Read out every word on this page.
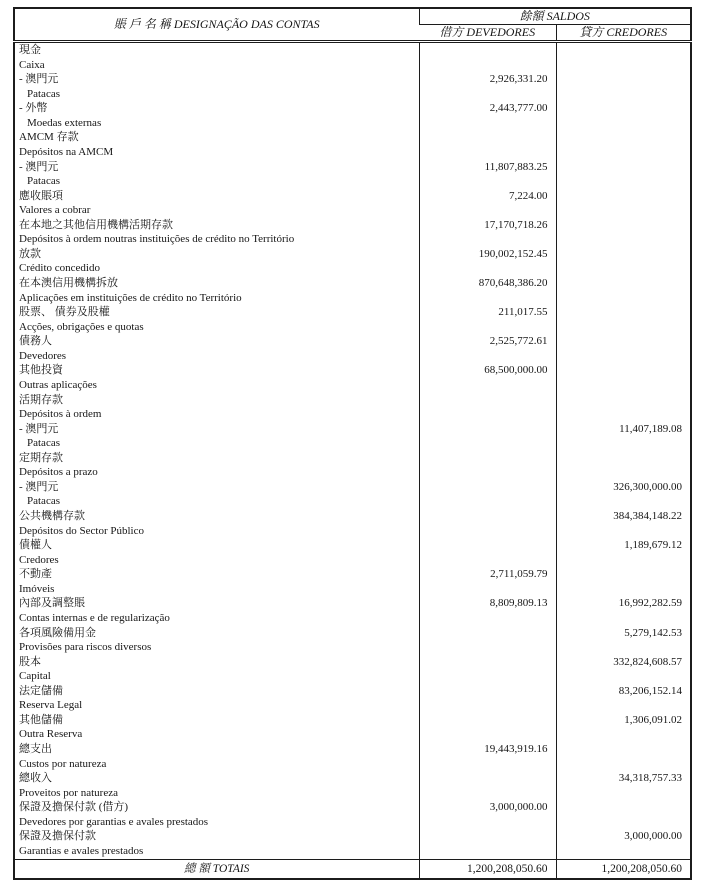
賬 戶 名 稱 DESIGNAÇÃO DAS CONTAS	餘額 SALDOS	
	借方 DEVEDORES	貸方 CREDORES
現金		
Caixa		
- 澳門元	2,926,331.20	
Patacas		
- 外幣	2,443,777.00	
Moedas externas		
AMCM 存款		
Depósitos na AMCM		
- 澳門元	11,807,883.25	
Patacas		
應收賬項	7,224.00	
Valores a cobrar		
在本地之其他信用機構活期存款	17,170,718.26	
Depósitos à ordem noutras instituições de crédito no Território		
放款	190,002,152.45	
Crédito concedido		
在本澳信用機構拆放	870,648,386.20	
Aplicações em instituições de crédito no Território		
股票、 債券及股權	211,017.55	
Acções, obrigações e quotas		
債務人	2,525,772.61	
Devedores		
其他投資	68,500,000.00	
Outras aplicações		
活期存款		
Depósitos à ordem		
- 澳門元		11,407,189.08
Patacas		
定期存款		
Depósitos a prazo		
- 澳門元		326,300,000.00
Patacas		
公共機構存款		384,384,148.22
Depósitos do Sector Público		
債權人		1,189,679.12
Credores		
不動產	2,711,059.79	
Imóveis		
內部及調整賬	8,809,809.13	16,992,282.59
Contas internas e de regularização		
各項風險備用金		5,279,142.53
Provisões para riscos diversos		
股本		332,824,608.57
Capital		
法定儲備		83,206,152.14
Reserva Legal		
其他儲備		1,306,091.02
Outra Reserva		
總支出	19,443,919.16	
Custos por natureza		
總收入		34,318,757.33
Proveitos por natureza		
保證及擔保付款 (借方)	3,000,000.00	
Devedores por garantias e avales prestados		
保證及擔保付款		3,000,000.00
Garantias e avales prestados		
總 額 TOTAIS	1,200,208,050.60	1,200,208,050.60
